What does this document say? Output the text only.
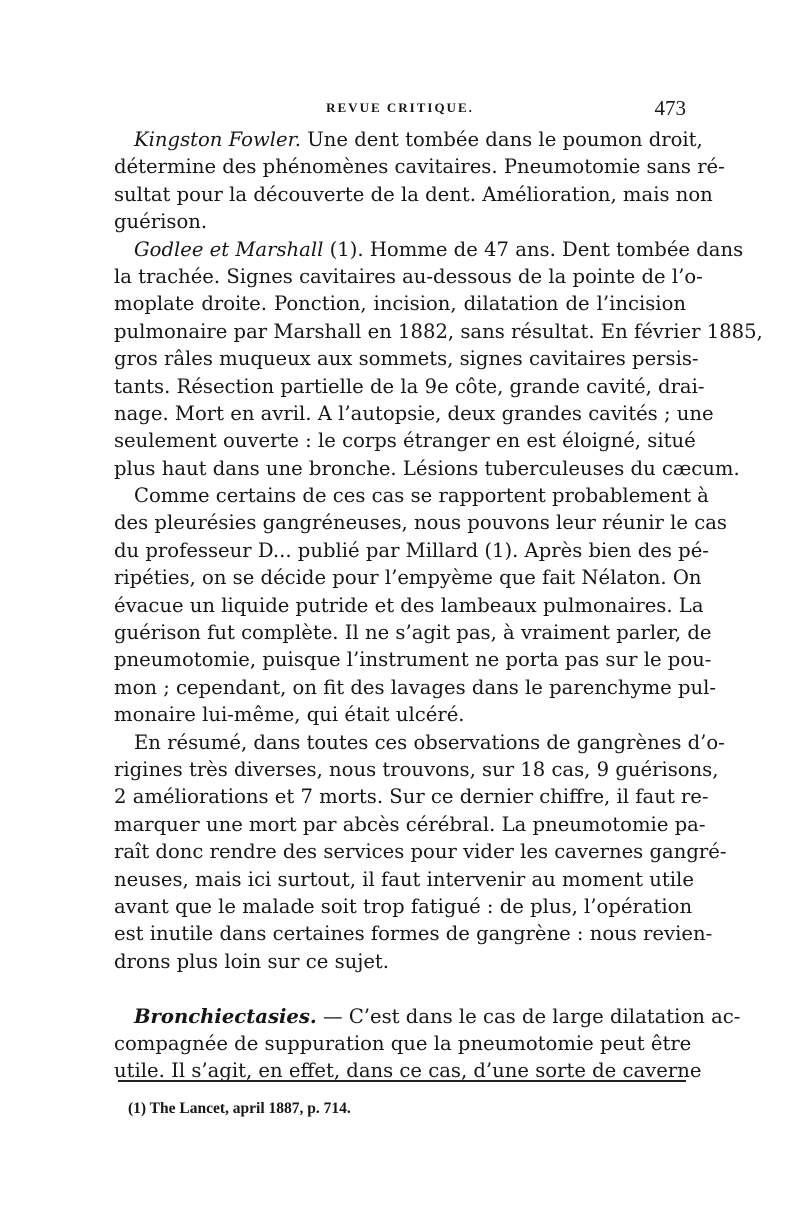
REVUE CRITIQUE.	473
Kingston Fowler. Une dent tombée dans le poumon droit,
détermine des phénomènes cavitaires. Pneumotomie sans ré-
sultat pour la découverte de la dent. Amélioration, mais non
guérison.
Godlee et Marshall (1). Homme de 47 ans. Dent tombée dans
la trachée. Signes cavitaires au-dessous de la pointe de l’o-
moplate droite. Ponction, incision, dilatation de l’incision
pulmonaire par Marshall en 1882, sans résultat. En février 1885,
gros râles muqueux aux sommets, signes cavitaires persis-
tants. Résection partielle de la 9e côte, grande cavité, drai-
nage. Mort en avril. A l’autopsie, deux grandes cavités ; une
seulement ouverte : le corps étranger en est éloigné, situé
plus haut dans une bronche. Lésions tuberculeuses du cæcum.
Comme certains de ces cas se rapportent probablement à
des pleurésies gangréneuses, nous pouvons leur réunir le cas
du professeur D... publié par Millard (1). Après bien des pé-
ripéties, on se décide pour l’empyème que fait Nélaton. On
évacue un liquide putride et des lambeaux pulmonaires. La
guérison fut complète. Il ne s’agit pas, à vraiment parler, de
pneumotomie, puisque l’instrument ne porta pas sur le pou-
mon ; cependant, on fit des lavages dans le parenchyme pul-
monaire lui-même, qui était ulcéré.
En résumé, dans toutes ces observations de gangrènes d’o-
rigines très diverses, nous trouvons, sur 18 cas, 9 guérisons,
2 améliorations et 7 morts. Sur ce dernier chiffre, il faut re-
marquer une mort par abcès cérébral. La pneumotomie pa-
raît donc rendre des services pour vider les cavernes gangré-
neuses, mais ici surtout, il faut intervenir au moment utile
avant que le malade soit trop fatigué : de plus, l’opération
est inutile dans certaines formes de gangrène : nous revien-
drons plus loin sur ce sujet.
Bronchiectasies. — C’est dans le cas de large dilatation ac-
compagnée de suppuration que la pneumotomie peut être
utile. Il s’agit, en effet, dans ce cas, d’une sorte de caverne
(1) The Lancet, april 1887, p. 714.
